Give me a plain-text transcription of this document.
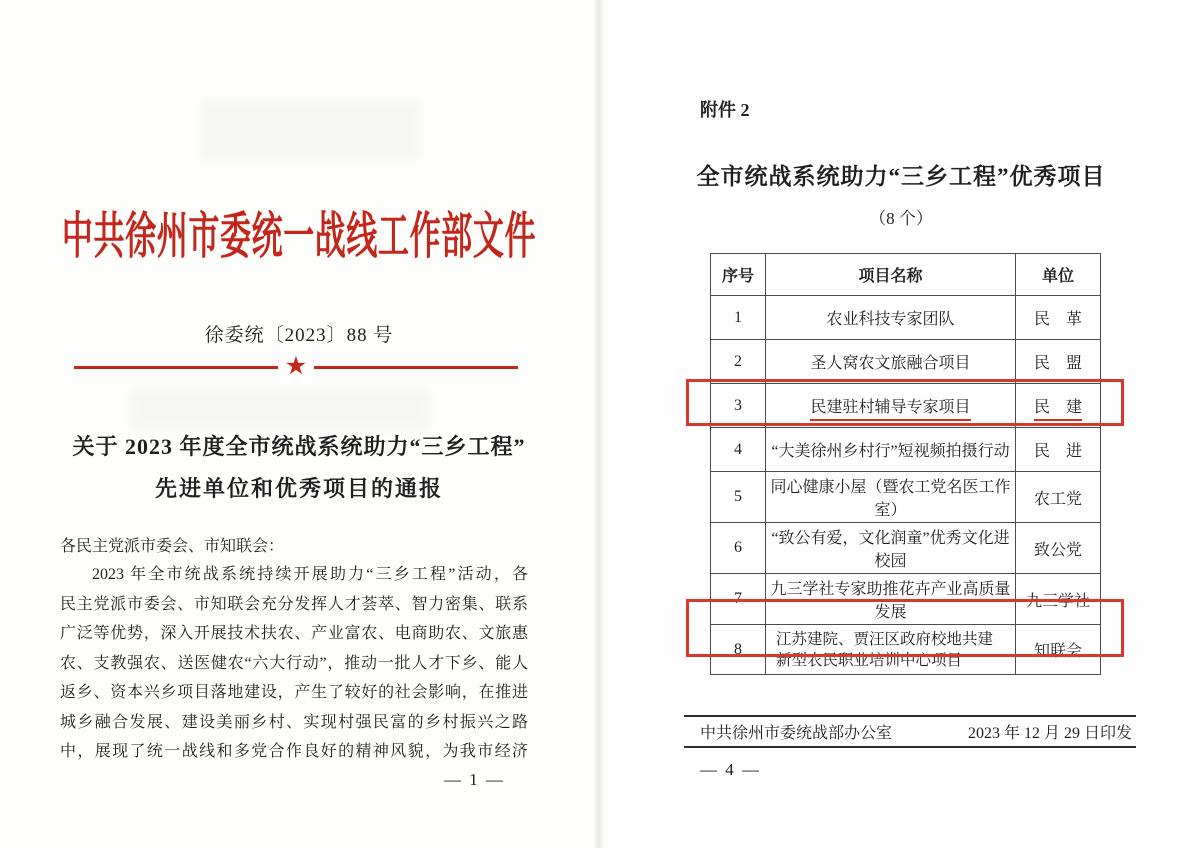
中共徐州市委统一战线工作部文件
徐委统〔2023〕88 号
★
关于 2023 年度全市统战系统助力“三乡工程”
先进单位和优秀项目的通报
各民主党派市委会、市知联会：
2023 年全市统战系统持续开展助力“三乡工程”活动，各
民主党派市委会、市知联会充分发挥人才荟萃、智力密集、联系
广泛等优势，深入开展技术扶农、产业富农、电商助农、文旅惠
农、支教强农、送医健农“六大行动”，推动一批人才下乡、能人
返乡、资本兴乡项目落地建设，产生了较好的社会影响，在推进
城乡融合发展、建设美丽乡村、实现村强民富的乡村振兴之路
中，展现了统一战线和多党合作良好的精神风貌，为我市经济
— 1 —
附件 2
全市统战系统助力“三乡工程”优秀项目
（8 个）
序号	项目名称	单位
1	农业科技专家团队	民　革
2	圣人窝农文旅融合项目	民　盟
3	民建驻村辅导专家项目	民　建
4	“大美徐州乡村行”短视频拍摄行动	民　进
5	同心健康小屋（暨农工党名医工作室）	农工党
6	“致公有爱，文化润童”优秀文化进校园	致公党
7	九三学社专家助推花卉产业高质量发展	九三学社
8	江苏建院、贾汪区政府校地共建新型农民职业培训中心项目	知联会
中共徐州市委统战部办公室	2023 年 12 月 29 日印发
— 4 —
